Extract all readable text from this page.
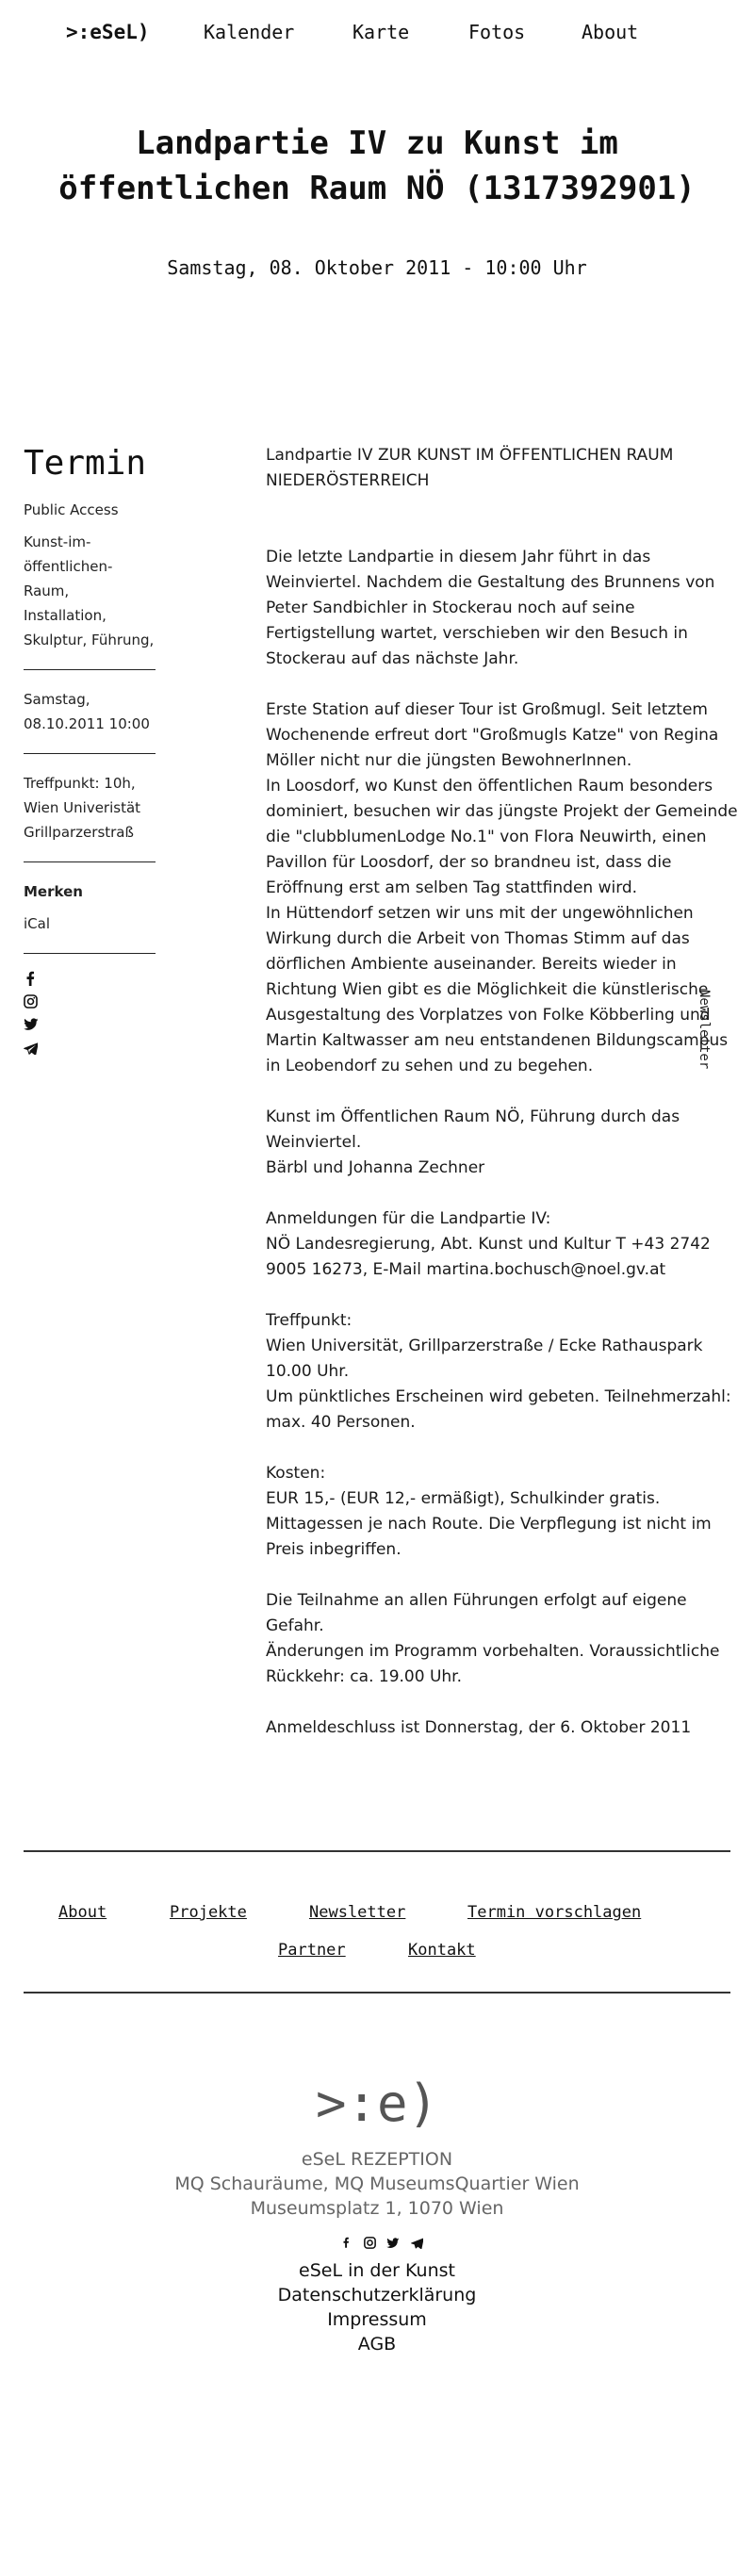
>:eSeL)	Kalender	Karte	Fotos	About
Landpartie IV zu Kunst im
öffentlichen Raum NÖ (1317392901)
Samstag, 08. Oktober 2011 - 10:00 Uhr
Termin

Public Access

Kunst-im-
öffentlichen-
Raum, Installation,
Skulptur, Führung,

Samstag,
08.10.2011 10:00

Treffpunkt: 10h,
Wien Univeristät
Grillparzerstraß

Merken

iCal

Landpartie IV ZUR KUNST IM ÖFFENTLICHEN RAUM
NIEDERÖSTERREICH
Die letzte Landpartie in diesem Jahr führt in das
Weinviertel. Nachdem die Gestaltung des Brunnens von
Peter Sandbichler in Stockerau noch auf seine
Fertigstellung wartet, verschieben wir den Besuch in
Stockerau auf das nächste Jahr.
Erste Station auf dieser Tour ist Großmugl. Seit letztem
Wochenende erfreut dort "Großmugls Katze" von Regina
Möller nicht nur die jüngsten BewohnerInnen.
In Loosdorf, wo Kunst den öffentlichen Raum besonders
dominiert, besuchen wir das jüngste Projekt der Gemeinde
die "clubblumenLodge No.1" von Flora Neuwirth, einen
Pavillon für Loosdorf, der so brandneu ist, dass die
Eröffnung erst am selben Tag stattfinden wird.
In Hüttendorf setzen wir uns mit der ungewöhnlichen
Wirkung durch die Arbeit von Thomas Stimm auf das
dörflichen Ambiente auseinander. Bereits wieder in
Richtung Wien gibt es die Möglichkeit die künstlerische
Ausgestaltung des Vorplatzes von Folke Köbberling und
Martin Kaltwasser am neu entstandenen Bildungscampus
in Leobendorf zu sehen und zu begehen.
Kunst im Öffentlichen Raum NÖ, Führung durch das
Weinviertel.
Bärbl und Johanna Zechner
Anmeldungen für die Landpartie IV:
NÖ Landesregierung, Abt. Kunst und Kultur T +43 2742
9005 16273, E-Mail martina.bochusch@noel.gv.at
Treffpunkt:
Wien Universität, Grillparzerstraße / Ecke Rathauspark
10.00 Uhr.
Um pünktliches Erscheinen wird gebeten. Teilnehmerzahl:
max. 40 Personen.
Kosten:
EUR 15,- (EUR 12,- ermäßigt), Schulkinder gratis.
Mittagessen je nach Route. Die Verpflegung ist nicht im
Preis inbegriffen.
Die Teilnahme an allen Führungen erfolgt auf eigene
Gefahr.
Änderungen im Programm vorbehalten. Voraussichtliche
Rückkehr: ca. 19.00 Uhr.
Anmeldeschluss ist Donnerstag, der 6. Oktober 2011
Newsletter
About	Projekte	Newsletter	Termin vorschlagen
Partner	Kontakt
>:e)
eSeL REZEPTION
MQ Schauräume, MQ MuseumsQuartier Wien
Museumsplatz 1, 1070 Wien

eSeL in der Kunst
Datenschutzerklärung
Impressum
AGB
